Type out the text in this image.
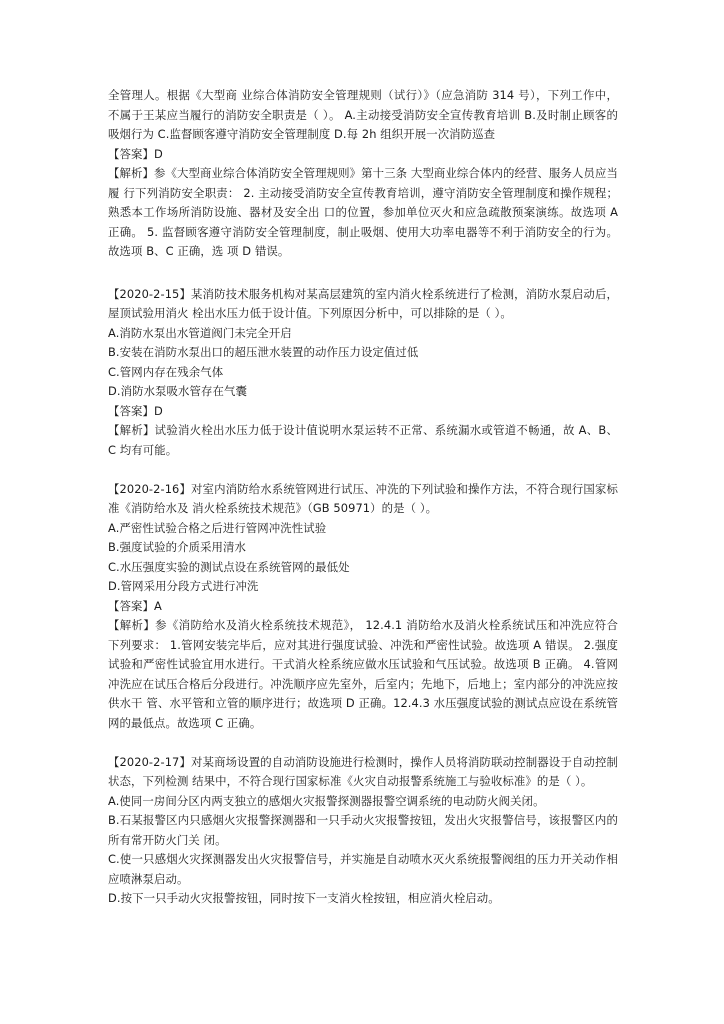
全管理人。根据《大型商 业综合体消防安全管理规则（试行）》（应急消防 314 号），下列工作中，不属于王某应当履行的消防安全职责是（ ）。 A.主动接受消防安全宣传教育培训 B.及时制止顾客的吸烟行为 C.监督顾客遵守消防安全管理制度 D.每 2h 组织开展一次消防巡查

【答案】D

【解析】参《大型商业综合体消防安全管理规则》第十三条 大型商业综合体内的经营、服务人员应当履 行下列消防安全职责： 2. 主动接受消防安全宣传教育培训，遵守消防安全管理制度和操作规程；熟悉本工作场所消防设施、器材及安全出 口的位置，参加单位灭火和应急疏散预案演练。故选项 A 正确。 5. 监督顾客遵守消防安全管理制度，制止吸烟、使用大功率电器等不利于消防安全的行为。故选项 B、C 正确，选 项 D 错误。

【2020-2-15】某消防技术服务机构对某高层建筑的室内消火栓系统进行了检测，消防水泵启动后，屋顶试验用消火 栓出水压力低于设计值。下列原因分析中，可以排除的是（ ）。

A.消防水泵出水管道阀门未完全开启

B.安装在消防水泵出口的超压泄水装置的动作压力设定值过低

C.管网内存在残余气体

D.消防水泵吸水管存在气囊

【答案】D

【解析】试验消火栓出水压力低于设计值说明水泵运转不正常、系统漏水或管道不畅通，故 A、B、C 均有可能。

【2020-2-16】对室内消防给水系统管网进行试压、冲洗的下列试验和操作方法，不符合现行国家标准《消防给水及 消火栓系统技术规范》（GB 50971）的是（ ）。

A.严密性试验合格之后进行管网冲洗性试验

B.强度试验的介质采用清水

C.水压强度实验的测试点设在系统管网的最低处

D.管网采用分段方式进行冲洗

【答案】A

【解析】参《消防给水及消火栓系统技术规范》， 12.4.1 消防给水及消火栓系统试压和冲洗应符合 下列要求： 1.管网安装完毕后，应对其进行强度试验、冲洗和严密性试验。故选项 A 错误。 2.强度试验和严密性试验宜用水进行。干式消火栓系统应做水压试验和气压试验。故选项 B 正确。 4.管网冲洗应在试压合格后分段进行。冲洗顺序应先室外，后室内；先地下，后地上；室内部分的冲洗应按供水干 管、水平管和立管的顺序进行；故选项 D 正确。12.4.3 水压强度试验的测试点应设在系统管网的最低点。故选项 C 正确。

【2020-2-17】对某商场设置的自动消防设施进行检测时，操作人员将消防联动控制器设于自动控制状态，下列检测 结果中，不符合现行国家标准《火灾自动报警系统施工与验收标准》的是（ ）。

A.使同一房间分区内两支独立的感烟火灾报警探测器报警空调系统的电动防火阀关闭。

B.石某报警区内只感烟火灾报警探测器和一只手动火灾报警按钮，发出火灾报警信号，该报警区内的所有常开防火门关 闭。

C.使一只感烟火灾探测器发出火灾报警信号，并实施是自动喷水灭火系统报警阀组的压力开关动作相应喷淋泵启动。

D.按下一只手动火灾报警按钮，同时按下一支消火栓按钮，相应消火栓启动。
